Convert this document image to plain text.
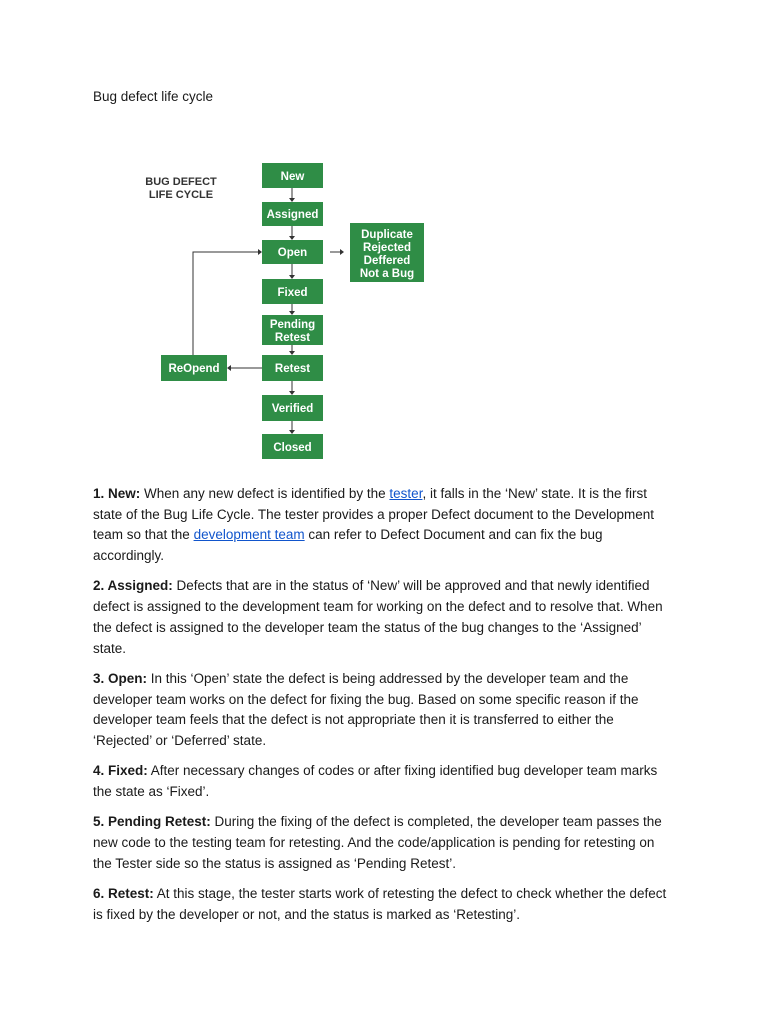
Bug defect life cycle
BUG DEFECT
LIFE CYCLE
New
Assigned
Open
Fixed
Pending
Retest
Retest
Verified
Closed
ReOpend
Duplicate
Rejected
Deffered
Not a Bug

1. New: When any new defect is identified by the tester, it falls in the ‘New’ state. It is the first state of the Bug Life Cycle. The tester provides a proper Defect document to the Development team so that the development team can refer to Defect Document and can fix the bug accordingly.

2. Assigned: Defects that are in the status of ‘New’ will be approved and that newly identified defect is assigned to the development team for working on the defect and to resolve that. When the defect is assigned to the developer team the status of the bug changes to the ‘Assigned’ state.

3. Open: In this ‘Open’ state the defect is being addressed by the developer team and the developer team works on the defect for fixing the bug. Based on some specific reason if the developer team feels that the defect is not appropriate then it is transferred to either the ‘Rejected’ or ‘Deferred’ state.

4. Fixed: After necessary changes of codes or after fixing identified bug developer team marks the state as ‘Fixed’.

5. Pending Retest: During the fixing of the defect is completed, the developer team passes the new code to the testing team for retesting. And the code/application is pending for retesting on the Tester side so the status is assigned as ‘Pending Retest’.

6. Retest: At this stage, the tester starts work of retesting the defect to check whether the defect is fixed by the developer or not, and the status is marked as ‘Retesting’.
